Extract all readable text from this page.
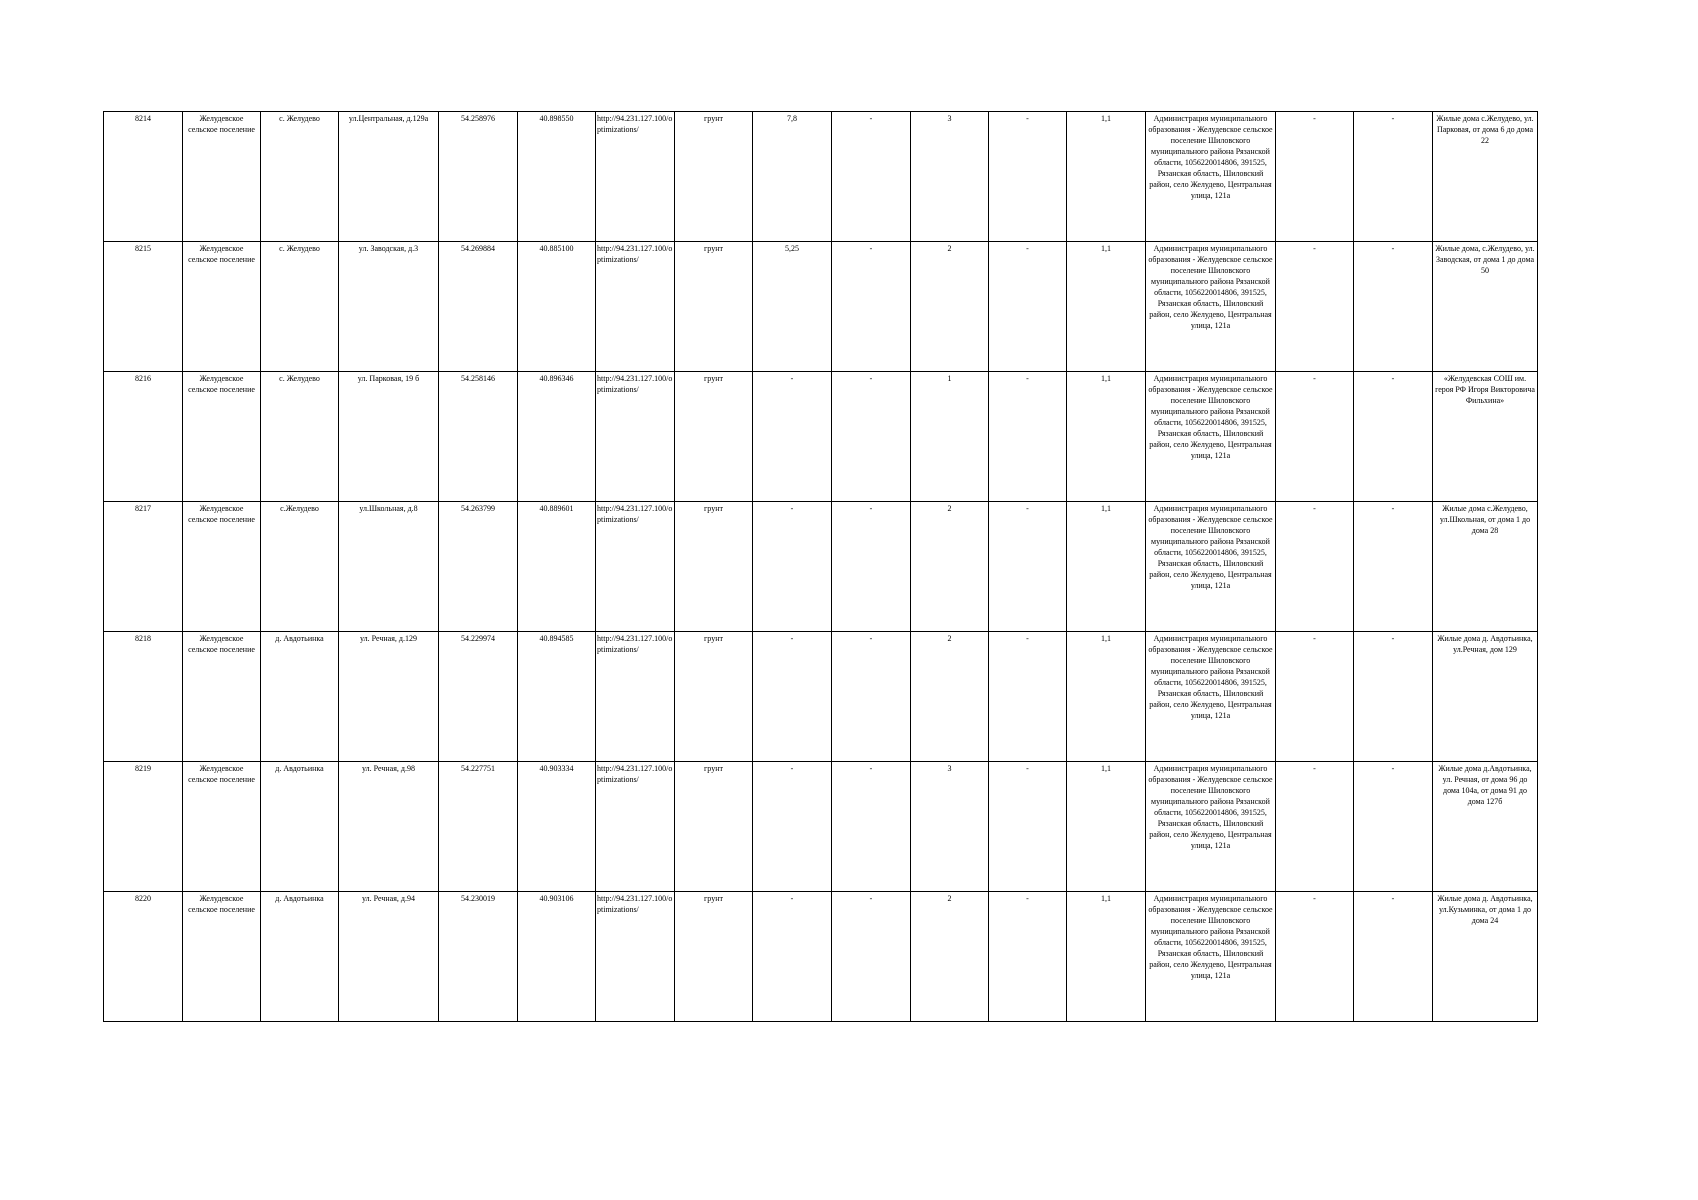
8214	Желудевское сельское поселение	с. Желудево	ул.Центральная, д.129а	54.258976	40.898550	http://94.231.127.100/optimizations/	грунт	7,8	-	3	-	1,1	Администрация муниципального образования - Желудевское сельское поселение Шиловского муниципального района Рязанской области, 1056220014806, 391525, Рязанская область, Шиловский район, село Желудево, Центральная улица, 121а	-	-	Жилые дома с.Желудево, ул. Парковая, от дома 6 до дома 22
8215	Желудевское сельское поселение	с. Желудево	ул. Заводская, д.3	54.269884	40.885100	http://94.231.127.100/optimizations/	грунт	5,25	-	2	-	1,1	Администрация муниципального образования - Желудевское сельское поселение Шиловского муниципального района Рязанской области, 1056220014806, 391525, Рязанская область, Шиловский район, село Желудево, Центральная улица, 121а	-	-	Жилые дома, с.Желудево, ул. Заводская, от дома 1 до дома 50
8216	Желудевское сельское поселение	с. Желудево	ул. Парковая, 19 б	54.258146	40.896346	http://94.231.127.100/optimizations/	грунт	-	-	1	-	1,1	Администрация муниципального образования - Желудевское сельское поселение Шиловского муниципального района Рязанской области, 1056220014806, 391525, Рязанская область, Шиловский район, село Желудево, Центральная улица, 121а	-	-	«Желудевская СОШ им. героя РФ Игоря Викторовича Фильхина»
8217	Желудевское сельское поселение	с.Желудево	ул.Школьная, д.8	54.263799	40.889601	http://94.231.127.100/optimizations/	грунт	-	-	2	-	1,1	Администрация муниципального образования - Желудевское сельское поселение Шиловского муниципального района Рязанской области, 1056220014806, 391525, Рязанская область, Шиловский район, село Желудево, Центральная улица, 121а	-	-	Жилые дома с.Желудево, ул.Школьная, от дома 1 до дома 28
8218	Желудевское сельское поселение	д. Авдотьинка	ул. Речная, д.129	54.229974	40.894585	http://94.231.127.100/optimizations/	грунт	-	-	2	-	1,1	Администрация муниципального образования - Желудевское сельское поселение Шиловского муниципального района Рязанской области, 1056220014806, 391525, Рязанская область, Шиловский район, село Желудево, Центральная улица, 121а	-	-	Жилые дома д. Авдотьинка, ул.Речная, дом 129
8219	Желудевское сельское поселение	д. Авдотьинка	ул. Речная, д.98	54.227751	40.903334	http://94.231.127.100/optimizations/	грунт	-	-	3	-	1,1	Администрация муниципального образования - Желудевское сельское поселение Шиловского муниципального района Рязанской области, 1056220014806, 391525, Рязанская область, Шиловский район, село Желудево, Центральная улица, 121а	-	-	Жилые дома д.Авдотьинка, ул. Речная, от дома 96 до дома 104а, от дома 91 до дома 127б
8220	Желудевское сельское поселение	д. Авдотьинка	ул. Речная, д.94	54.230019	40.903106	http://94.231.127.100/optimizations/	грунт	-	-	2	-	1,1	Администрация муниципального образования - Желудевское сельское поселение Шиловского муниципального района Рязанской области, 1056220014806, 391525, Рязанская область, Шиловский район, село Желудево, Центральная улица, 121а	-	-	Жилые дома д. Авдотьинка, ул.Кузьминка, от дома 1 до дома 24
